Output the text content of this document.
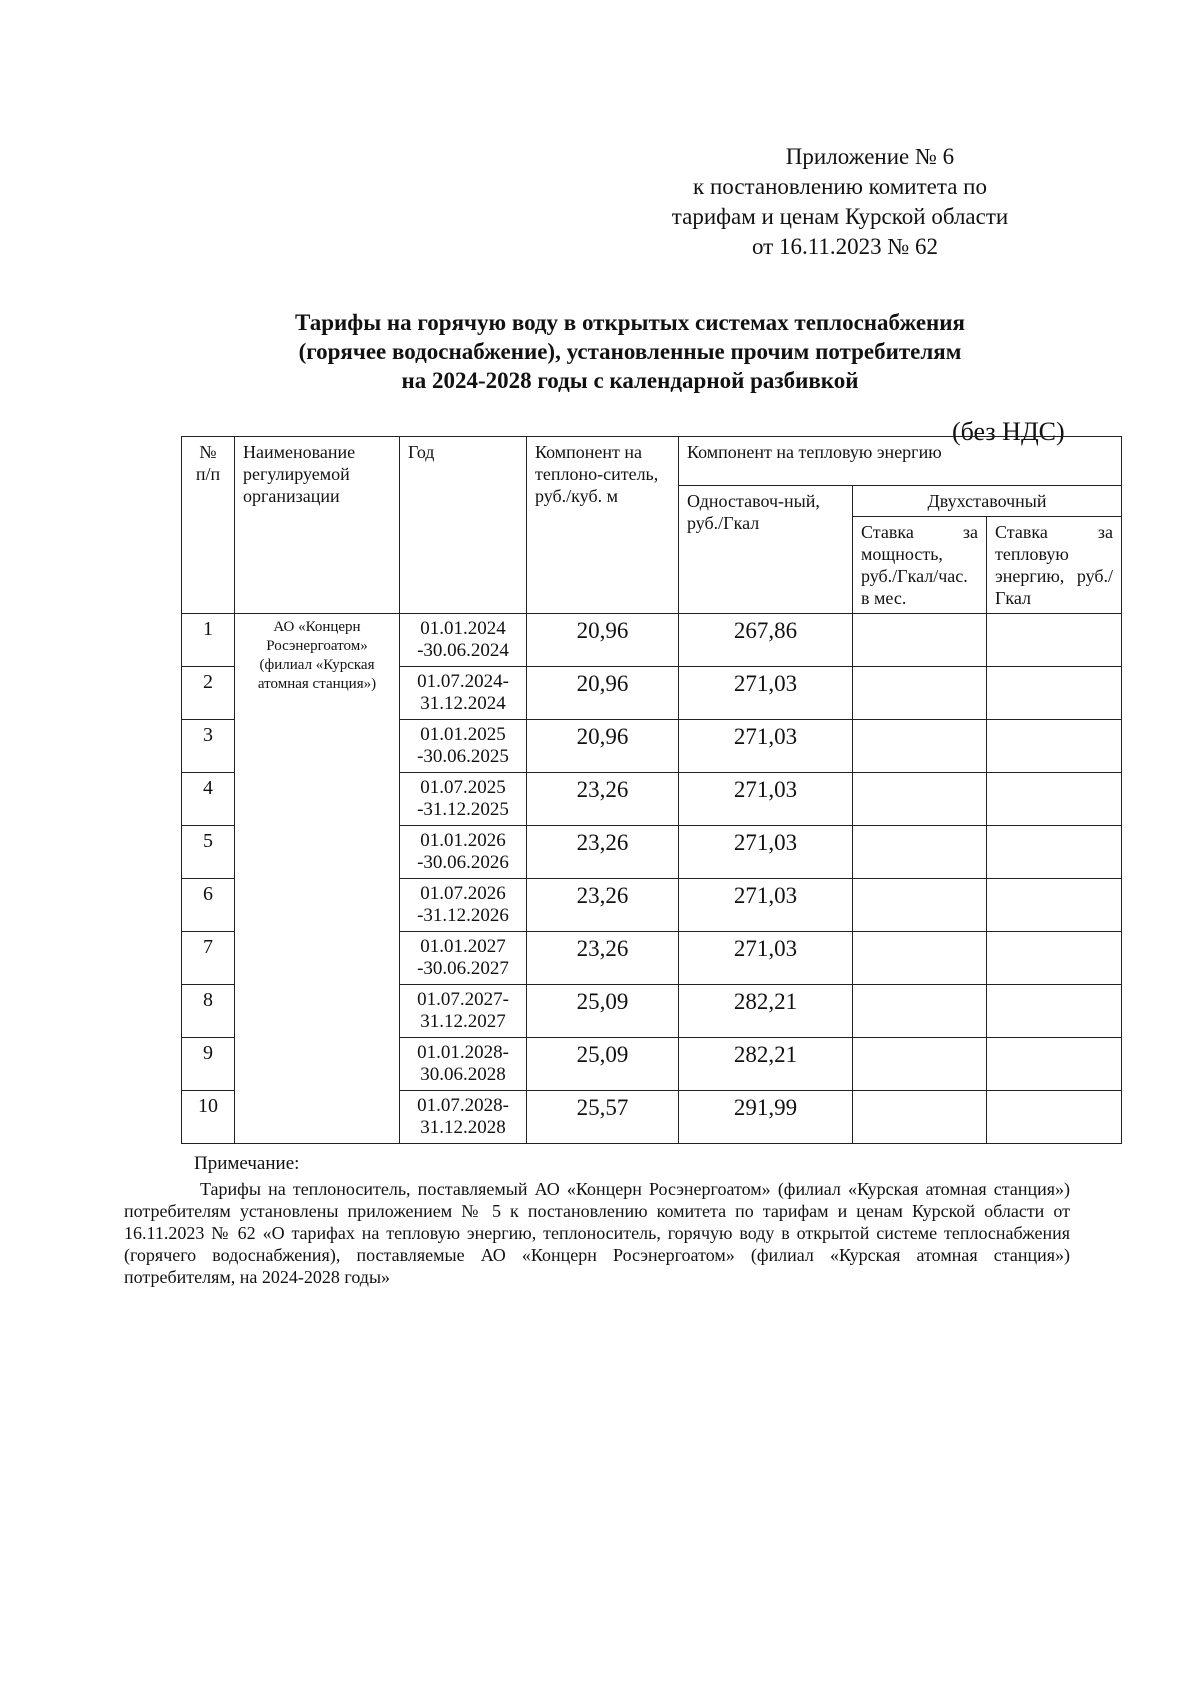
Приложение № 6
к постановлению комитета по
тарифам и ценам Курской области
от 16.11.2023 № 62
Тарифы на горячую воду в открытых системах теплоснабжения
(горячее водоснабжение), установленные прочим потребителям
на 2024-2028 годы с календарной разбивкой
(без НДС)
№ п/п	Наименование регулируемой организации	Год	Компонент на теплоно-ситель, руб./куб. м	Компонент на тепловую энергию		
				Одноставоч-ный, руб./Гкал	Двухставочный	
					Ставка за мощность, руб./Гкал/час. в мес.	Ставка за тепловую энергию, руб./Гкал
1	АО «Концерн Росэнергоатом» (филиал «Курская атомная станция»)	01.01.2024 -30.06.2024	20,96	267,86		
2		01.07.2024- 31.12.2024	20,96	271,03		
3		01.01.2025 -30.06.2025	20,96	271,03		
4		01.07.2025 -31.12.2025	23,26	271,03		
5		01.01.2026 -30.06.2026	23,26	271,03		
6		01.07.2026 -31.12.2026	23,26	271,03		
7		01.01.2027 -30.06.2027	23,26	271,03		
8		01.07.2027- 31.12.2027	25,09	282,21		
9		01.01.2028- 30.06.2028	25,09	282,21		
10		01.07.2028- 31.12.2028	25,57	291,99		
Примечание:
Тарифы на теплоноситель, поставляемый АО «Концерн Росэнергоатом» (филиал «Курская атомная станция») потребителям установлены приложением № 5 к постановлению комитета по тарифам и ценам Курской области от 16.11.2023 № 62 «О тарифах на тепловую энергию, теплоноситель, горячую воду в открытой системе теплоснабжения (горячего водоснабжения), поставляемые АО «Концерн Росэнергоатом» (филиал «Курская атомная станция») потребителям, на 2024-2028 годы»
